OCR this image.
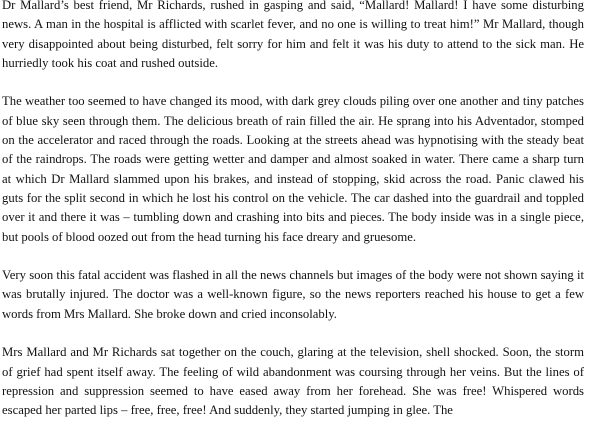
Dr Mallard’s best friend, Mr Richards, rushed in gasping and said, “Mallard! Mallard! I have some disturbing news. A man in the hospital is afflicted with scarlet fever, and no one is willing to treat him!” Mr Mallard, though very disappointed about being disturbed, felt sorry for him and felt it was his duty to attend to the sick man. He hurriedly took his coat and rushed outside.

The weather too seemed to have changed its mood, with dark grey clouds piling over one another and tiny patches of blue sky seen through them. The delicious breath of rain filled the air. He sprang into his Adventador, stomped on the accelerator and raced through the roads. Looking at the streets ahead was hypnotising with the steady beat of the raindrops. The roads were getting wetter and damper and almost soaked in water. There came a sharp turn at which Dr Mallard slammed upon his brakes, and instead of stopping, skid across the road. Panic clawed his guts for the split second in which he lost his control on the vehicle. The car dashed into the guardrail and toppled over it and there it was – tumbling down and crashing into bits and pieces. The body inside was in a single piece, but pools of blood oozed out from the head turning his face dreary and gruesome.

Very soon this fatal accident was flashed in all the news channels but images of the body were not shown saying it was brutally injured. The doctor was a well-known figure, so the news reporters reached his house to get a few words from Mrs Mallard. She broke down and cried inconsolably.

Mrs Mallard and Mr Richards sat together on the couch, glaring at the television, shell shocked. Soon, the storm of grief had spent itself away. The feeling of wild abandonment was coursing through her veins. But the lines of repression and suppression seemed to have eased away from her forehead. She was free! Whispered words escaped her parted lips – free, free, free! And suddenly, they started jumping in glee. The
